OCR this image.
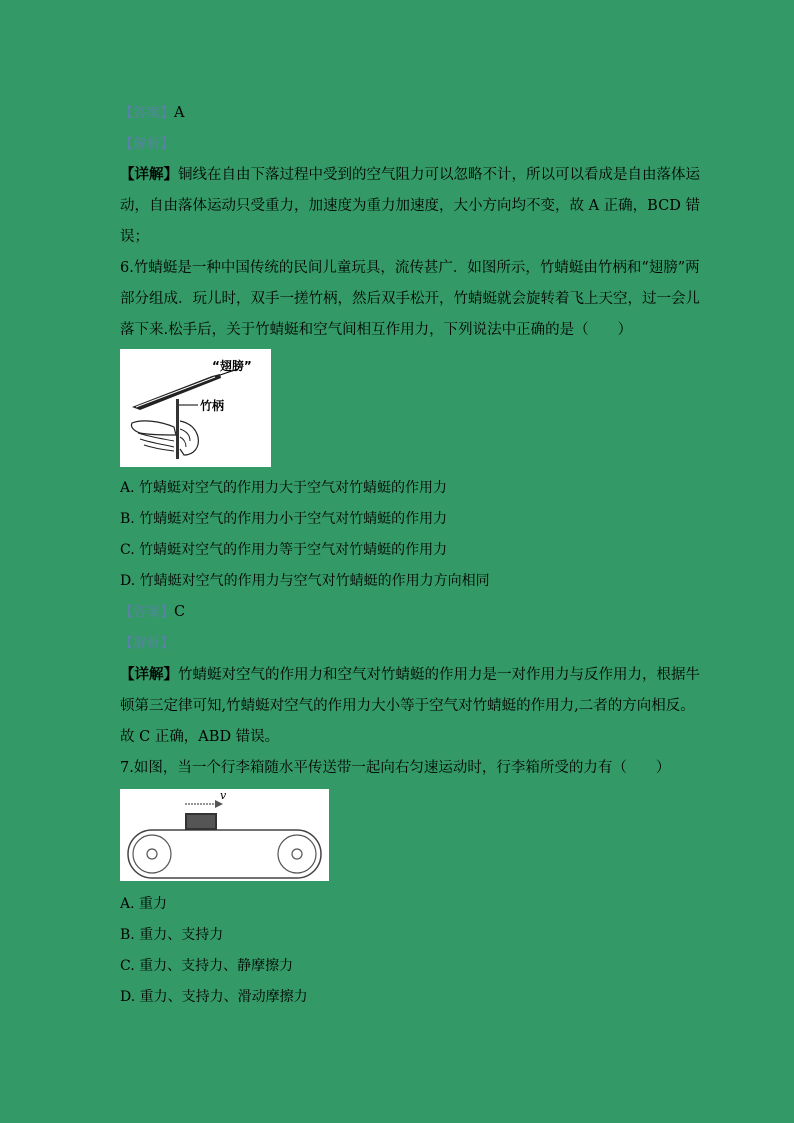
【答案】A
【解析】
【详解】铜线在自由下落过程中受到的空气阻力可以忽略不计，所以可以看成是自由落体运
动，自由落体运动只受重力，加速度为重力加速度，大小方向均不变，故 A 正确，BCD 错
误；
6.竹蜻蜓是一种中国传统的民间儿童玩具，流传甚广．如图所示，竹蜻蜓由竹柄和“翅膀”两
部分组成．玩儿时，双手一搓竹柄，然后双手松开，竹蜻蜓就会旋转着飞上天空，过一会儿
落下来.松手后，关于竹蜻蜓和空气间相互作用力，下列说法中正确的是（　　）
“翅膀”
竹柄
A. 竹蜻蜓对空气的作用力大于空气对竹蜻蜓的作用力
B. 竹蜻蜓对空气的作用力小于空气对竹蜻蜓的作用力
C. 竹蜻蜓对空气的作用力等于空气对竹蜻蜓的作用力
D. 竹蜻蜓对空气的作用力与空气对竹蜻蜓的作用力方向相同
【答案】C
【解析】
【详解】竹蜻蜓对空气的作用力和空气对竹蜻蜓的作用力是一对作用力与反作用力，根据牛
顿第三定律可知,竹蜻蜓对空气的作用力大小等于空气对竹蜻蜓的作用力,二者的方向相反。
故 C 正确，ABD 错误。
7.如图，当一个行李箱随水平传送带一起向右匀速运动时，行李箱所受的力有（　　）
v
A. 重力
B. 重力、支持力
C. 重力、支持力、静摩擦力
D. 重力、支持力、滑动摩擦力
